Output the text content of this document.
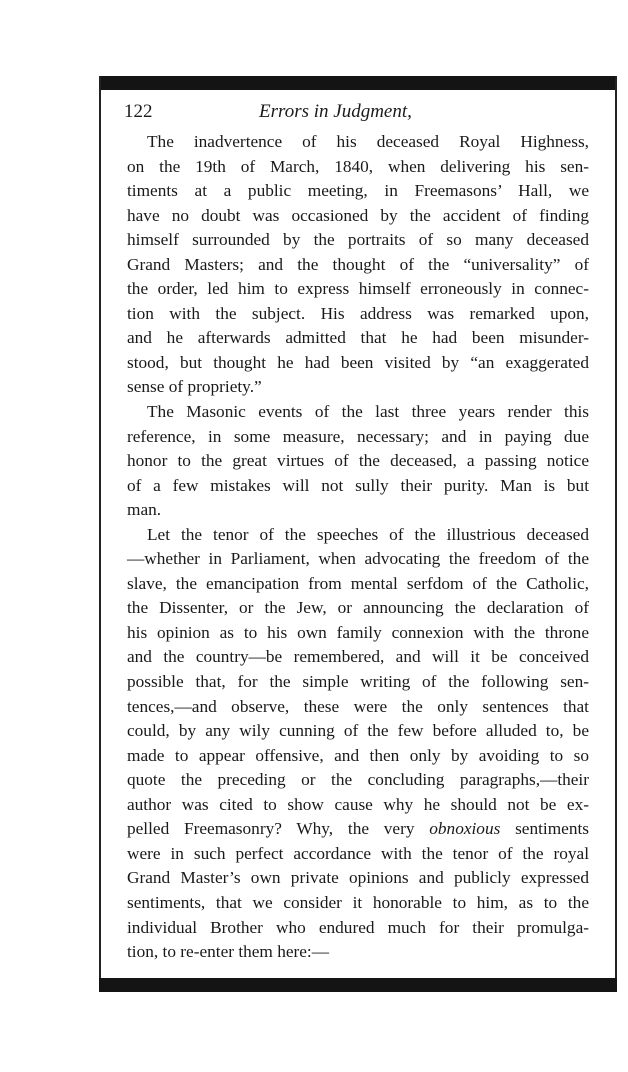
122	Errors in Judgment,
The inadvertence of his deceased Royal Highness,
on the 19th of March, 1840, when delivering his sen-
timents at a public meeting, in Freemasons’ Hall, we
have no doubt was occasioned by the accident of finding
himself surrounded by the portraits of so many deceased
Grand Masters; and the thought of the “universality” of
the order, led him to express himself erroneously in connec-
tion with the subject. His address was remarked upon,
and he afterwards admitted that he had been misunder-
stood, but thought he had been visited by “an exaggerated
sense of propriety.”
The Masonic events of the last three years render this
reference, in some measure, necessary; and in paying due
honor to the great virtues of the deceased, a passing notice
of a few mistakes will not sully their purity. Man is but
man.
Let the tenor of the speeches of the illustrious deceased
—whether in Parliament, when advocating the freedom of the
slave, the emancipation from mental serfdom of the Catholic,
the Dissenter, or the Jew, or announcing the declaration of
his opinion as to his own family connexion with the throne
and the country—be remembered, and will it be conceived
possible that, for the simple writing of the following sen-
tences,—and observe, these were the only sentences that
could, by any wily cunning of the few before alluded to, be
made to appear offensive, and then only by avoiding to so
quote the preceding or the concluding paragraphs,—their
author was cited to show cause why he should not be ex-
pelled Freemasonry? Why, the very obnoxious sentiments
were in such perfect accordance with the tenor of the royal
Grand Master’s own private opinions and publicly expressed
sentiments, that we consider it honorable to him, as to the
individual Brother who endured much for their promulga-
tion, to re-enter them here:—
